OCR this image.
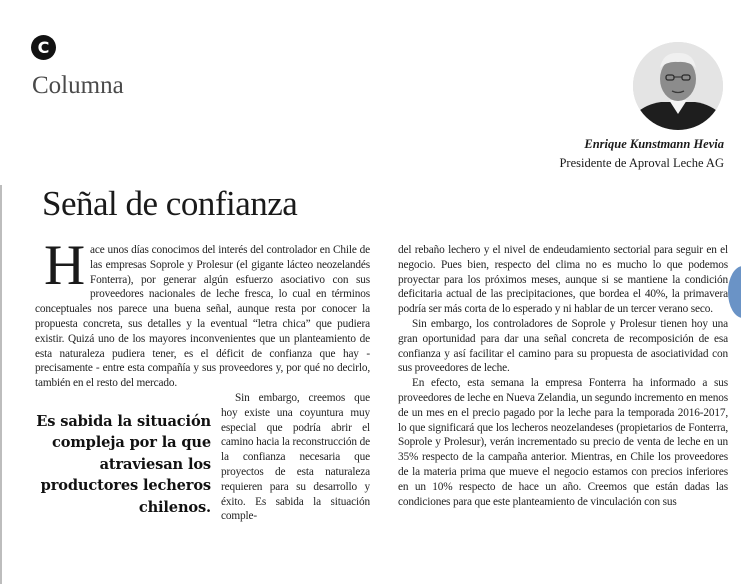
C
Columna
Enrique Kunstmann Hevia
Presidente de Aproval Leche AG
Señal de confianza

Hace unos días conocimos del interés del controlador en Chile de las empresas Soprole y Prolesur (el gigante lácteo neozelandés Fonterra), por generar algún esfuerzo asociativo con sus proveedores nacionales de leche fresca, lo cual en términos conceptuales nos parece una buena señal, aunque resta por conocer la propuesta concreta, sus detalles y la eventual “letra chica” que pudiera existir. Quizá uno de los mayores inconvenientes que un planteamiento de esta naturaleza pudiera tener, es el déficit de confianza que hay - precisamente - entre esta compañía y sus proveedores y, por qué no decirlo, también en el resto del mercado.

Es sabida la situación compleja por la que atraviesan los productores lecheros chilenos.

Sin embargo, creemos que hoy existe una coyuntura muy especial que podría abrir el camino hacia la reconstrucción de la confianza necesaria que proyectos de esta naturaleza requieren para su desarrollo y éxito. Es sabida la situación comple-

del rebaño lechero y el nivel de endeudamiento sectorial para seguir en el negocio. Pues bien, respecto del clima no es mucho lo que podemos proyectar para los próximos meses, aunque si se mantiene la condición deficitaria actual de las precipitaciones, que bordea el 40%, la primavera podría ser más corta de lo esperado y ni hablar de un tercer verano seco.

Sin embargo, los controladores de Soprole y Prolesur tienen hoy una gran oportunidad para dar una señal concreta de recomposición de esa confianza y así facilitar el camino para su propuesta de asociatividad con sus proveedores de leche.

En efecto, esta semana la empresa Fonterra ha informado a sus proveedores de leche en Nueva Zelandia, un segundo incremento en menos de un mes en el precio pagado por la leche para la temporada 2016-2017, lo que significará que los lecheros neozelandeses (propietarios de Fonterra, Soprole y Prolesur), verán incrementado su precio de venta de leche en un 35% respecto de la campaña anterior. Mientras, en Chile los proveedores de la materia prima que mueve el negocio estamos con precios inferiores en un 10% respecto de hace un año. Creemos que están dadas las condiciones para que este planteamiento de vinculación con sus
